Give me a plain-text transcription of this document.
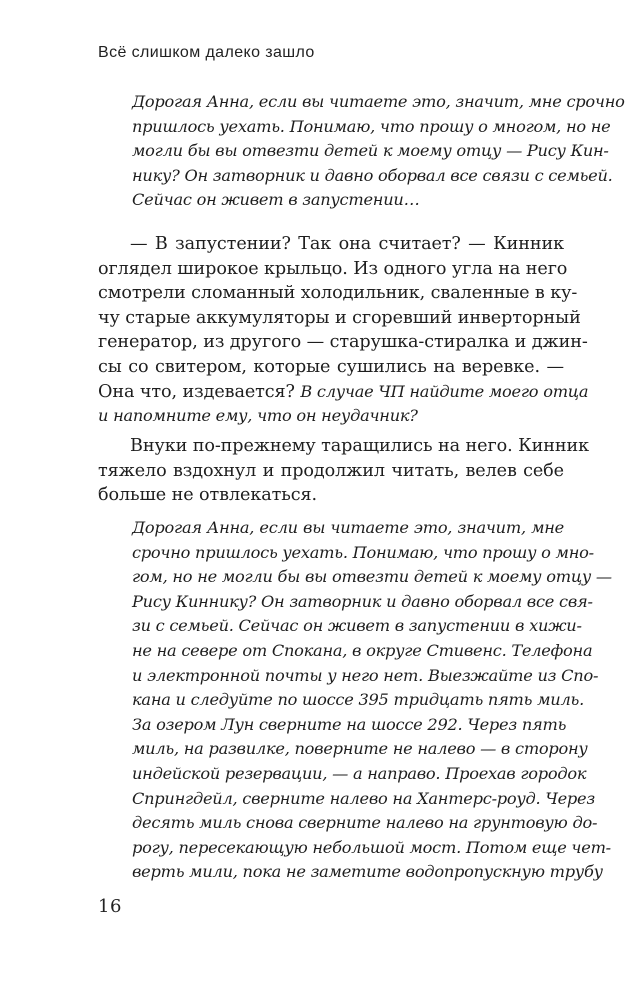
Всё слишком далеко зашло
Дорогая Анна, если вы читаете это, значит, мне срочно
пришлось уехать. Понимаю, что прошу о многом, но не
могли бы вы отвезти детей к моему отцу — Рису Кин-
нику? Он затворник и давно оборвал все связи с семьей.
Сейчас он живет в запустении…
— В запустении? Так она считает? — Кинник
оглядел широкое крыльцо. Из одного угла на него
смотрели сломанный холодильник, сваленные в ку-
чу старые аккумуляторы и сгоревший инверторный
генератор, из другого — старушка-стиралка и джин-
сы со свитером, которые сушились на веревке. —
Она что, издевается? В случае ЧП найдите моего отца
и напомните ему, что он неудачник?
Внуки по-прежнему таращились на него. Кинник
тяжело вздохнул и продолжил читать, велев себе
больше не отвлекаться.
Дорогая Анна, если вы читаете это, значит, мне
срочно пришлось уехать. Понимаю, что прошу о мно-
гом, но не могли бы вы отвезти детей к моему отцу —
Рису Киннику? Он затворник и давно оборвал все свя-
зи с семьей. Сейчас он живет в запустении в хижи-
не на севере от Спокана, в округе Стивенс. Телефона
и электронной почты у него нет. Выезжайте из Спо-
кана и следуйте по шоссе 395 тридцать пять миль.
За озером Лун сверните на шоссе 292. Через пять
миль, на развилке, поверните не налево — в сторону
индейской резервации, — а направо. Проехав городок
Спрингдейл, сверните налево на Хантерс-роуд. Через
десять миль снова сверните налево на грунтовую до-
рогу, пересекающую небольшой мост. Потом еще чет-
верть мили, пока не заметите водопропускную трубу
16
